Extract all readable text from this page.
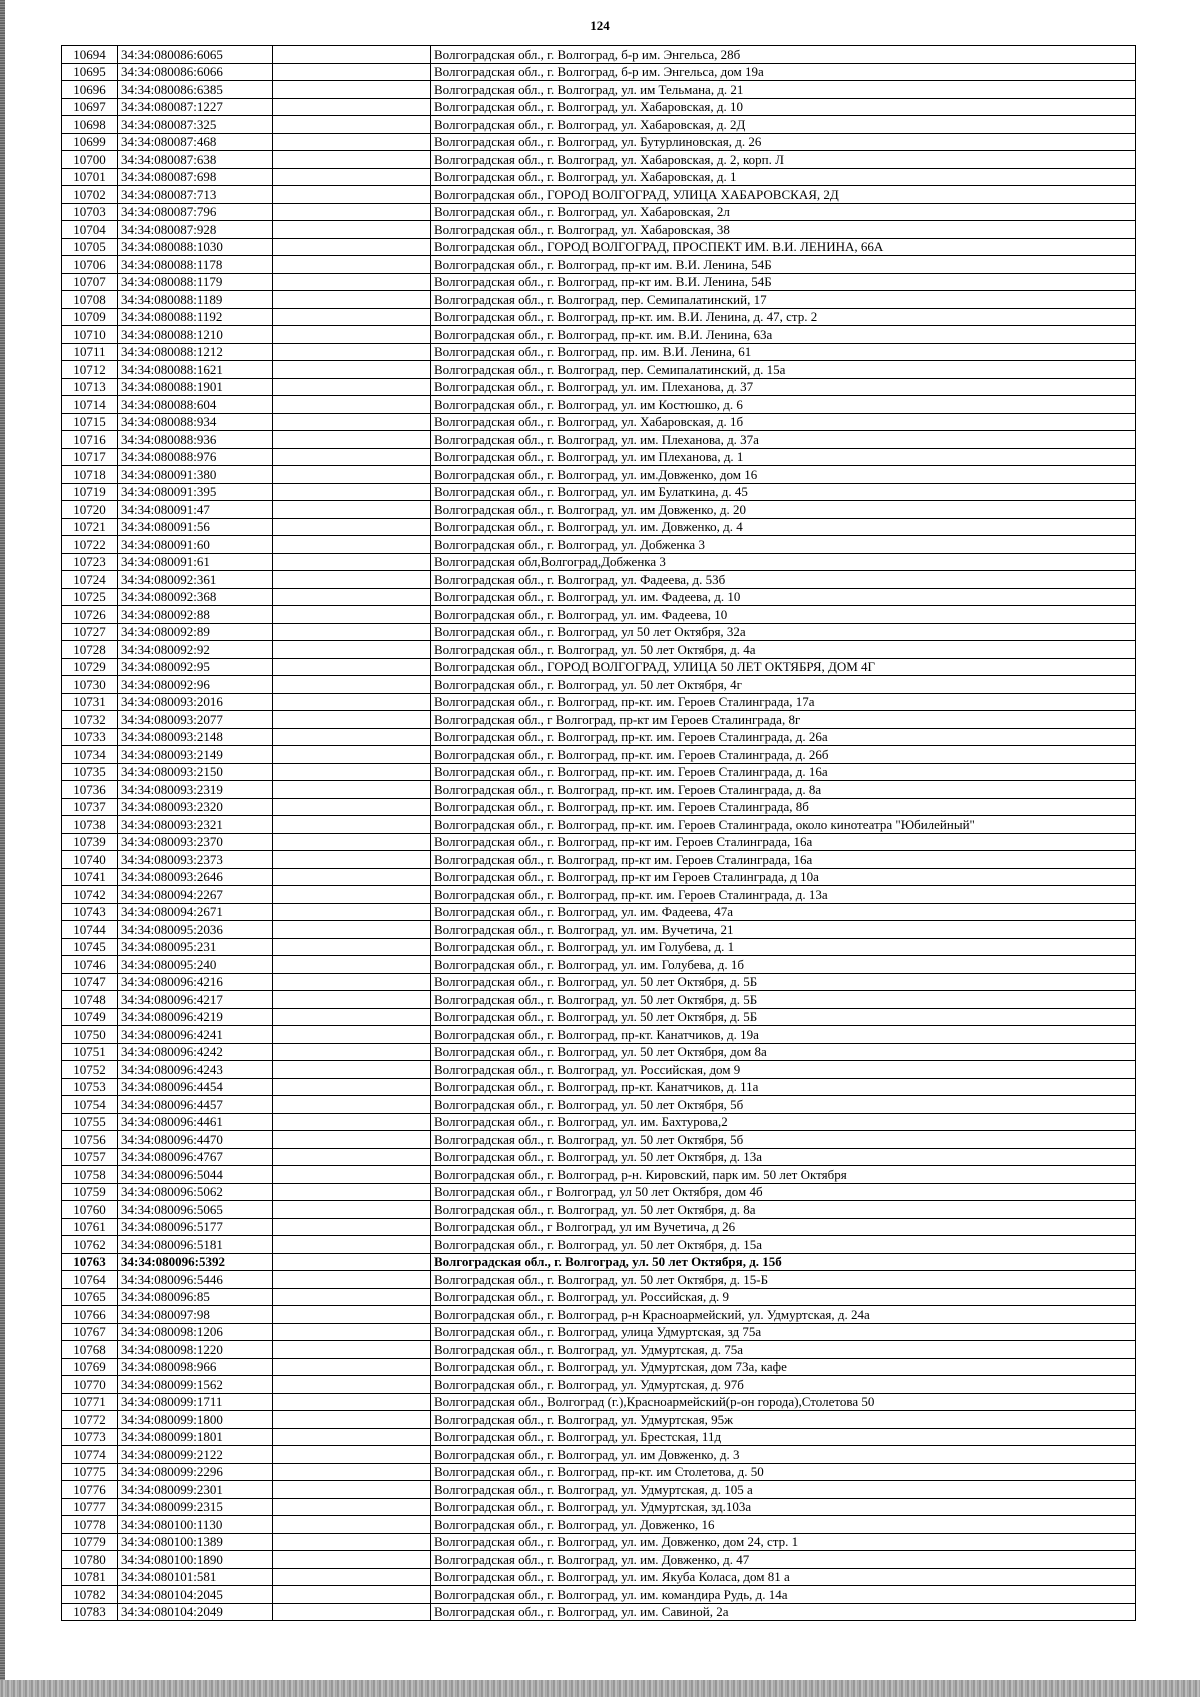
124
10694	34:34:080086:6065		Волгоградская обл., г. Волгоград, б-р им. Энгельса, 28б
10695	34:34:080086:6066		Волгоградская обл., г. Волгоград, б-р им. Энгельса, дом 19а
10696	34:34:080086:6385		Волгоградская обл., г. Волгоград, ул. им Тельмана, д. 21
10697	34:34:080087:1227		Волгоградская обл., г. Волгоград, ул. Хабаровская, д. 10
10698	34:34:080087:325		Волгоградская обл., г. Волгоград, ул. Хабаровская, д. 2Д
10699	34:34:080087:468		Волгоградская обл., г. Волгоград, ул. Бутурлиновская, д. 26
10700	34:34:080087:638		Волгоградская обл., г. Волгоград, ул. Хабаровская, д. 2, корп. Л
10701	34:34:080087:698		Волгоградская обл., г. Волгоград, ул. Хабаровская, д. 1
10702	34:34:080087:713		Волгоградская обл., ГОРОД ВОЛГОГРАД, УЛИЦА ХАБАРОВСКАЯ, 2Д
10703	34:34:080087:796		Волгоградская обл., г. Волгоград, ул. Хабаровская, 2л
10704	34:34:080087:928		Волгоградская обл., г. Волгоград, ул. Хабаровская, 38
10705	34:34:080088:1030		Волгоградская обл., ГОРОД ВОЛГОГРАД, ПРОСПЕКТ ИМ. В.И. ЛЕНИНА, 66А
10706	34:34:080088:1178		Волгоградская обл., г. Волгоград, пр-кт им. В.И. Ленина, 54Б
10707	34:34:080088:1179		Волгоградская обл., г. Волгоград, пр-кт им. В.И. Ленина, 54Б
10708	34:34:080088:1189		Волгоградская обл., г. Волгоград, пер. Семипалатинский, 17
10709	34:34:080088:1192		Волгоградская обл., г. Волгоград, пр-кт. им. В.И. Ленина, д. 47, стр. 2
10710	34:34:080088:1210		Волгоградская обл., г. Волгоград, пр-кт. им. В.И. Ленина, 63а
10711	34:34:080088:1212		Волгоградская обл., г. Волгоград, пр. им. В.И. Ленина, 61
10712	34:34:080088:1621		Волгоградская обл., г. Волгоград, пер. Семипалатинский, д. 15а
10713	34:34:080088:1901		Волгоградская обл., г. Волгоград, ул. им. Плеханова, д. 37
10714	34:34:080088:604		Волгоградская обл., г. Волгоград, ул. им Костюшко, д. 6
10715	34:34:080088:934		Волгоградская обл., г. Волгоград, ул. Хабаровская, д. 1б
10716	34:34:080088:936		Волгоградская обл., г. Волгоград, ул. им. Плеханова, д. 37а
10717	34:34:080088:976		Волгоградская обл., г. Волгоград, ул. им Плеханова, д. 1
10718	34:34:080091:380		Волгоградская обл., г. Волгоград, ул. им.Довженко, дом 16
10719	34:34:080091:395		Волгоградская обл., г. Волгоград, ул. им Булаткина, д. 45
10720	34:34:080091:47		Волгоградская обл., г. Волгоград, ул. им Довженко, д. 20
10721	34:34:080091:56		Волгоградская обл., г. Волгоград, ул. им. Довженко, д. 4
10722	34:34:080091:60		Волгоградская обл., г. Волгоград, ул. Добженка 3
10723	34:34:080091:61		Волгоградская обл,Волгоград,Добженка 3
10724	34:34:080092:361		Волгоградская обл., г. Волгоград, ул. Фадеева, д. 53б
10725	34:34:080092:368		Волгоградская обл., г. Волгоград, ул. им. Фадеева, д. 10
10726	34:34:080092:88		Волгоградская обл., г. Волгоград, ул. им. Фадеева, 10
10727	34:34:080092:89		Волгоградская обл., г. Волгоград, ул 50 лет Октября, 32а
10728	34:34:080092:92		Волгоградская обл., г. Волгоград, ул. 50 лет Октября, д. 4а
10729	34:34:080092:95		Волгоградская обл., ГОРОД ВОЛГОГРАД, УЛИЦА 50 ЛЕТ ОКТЯБРЯ, ДОМ 4Г
10730	34:34:080092:96		Волгоградская обл., г. Волгоград, ул. 50 лет Октября, 4г
10731	34:34:080093:2016		Волгоградская обл., г. Волгоград, пр-кт. им. Героев Сталинграда, 17а
10732	34:34:080093:2077		Волгоградская обл., г Волгоград, пр-кт им Героев Сталинграда, 8г
10733	34:34:080093:2148		Волгоградская обл., г. Волгоград, пр-кт. им. Героев Сталинграда, д. 26а
10734	34:34:080093:2149		Волгоградская обл., г. Волгоград, пр-кт. им. Героев Сталинграда, д. 26б
10735	34:34:080093:2150		Волгоградская обл., г. Волгоград, пр-кт. им. Героев Сталинграда, д. 16а
10736	34:34:080093:2319		Волгоградская обл., г. Волгоград, пр-кт. им. Героев Сталинграда, д. 8а
10737	34:34:080093:2320		Волгоградская обл., г. Волгоград, пр-кт. им. Героев Сталинграда, 8б
10738	34:34:080093:2321		Волгоградская обл., г. Волгоград, пр-кт. им. Героев Сталинграда, около кинотеатра "Юбилейный"
10739	34:34:080093:2370		Волгоградская обл., г. Волгоград, пр-кт им. Героев Сталинграда, 16а
10740	34:34:080093:2373		Волгоградская обл., г. Волгоград, пр-кт им. Героев Сталинграда, 16а
10741	34:34:080093:2646		Волгоградская обл., г. Волгоград, пр-кт им Героев Сталинграда, д 10а
10742	34:34:080094:2267		Волгоградская обл., г. Волгоград, пр-кт. им. Героев Сталинграда, д. 13а
10743	34:34:080094:2671		Волгоградская обл., г. Волгоград, ул. им. Фадеева, 47а
10744	34:34:080095:2036		Волгоградская обл., г. Волгоград, ул. им. Вучетича, 21
10745	34:34:080095:231		Волгоградская обл., г. Волгоград, ул. им Голубева, д. 1
10746	34:34:080095:240		Волгоградская обл., г. Волгоград, ул. им. Голубева, д. 1б
10747	34:34:080096:4216		Волгоградская обл., г. Волгоград, ул. 50 лет Октября, д. 5Б
10748	34:34:080096:4217		Волгоградская обл., г. Волгоград, ул. 50 лет Октября, д. 5Б
10749	34:34:080096:4219		Волгоградская обл., г. Волгоград, ул. 50 лет Октября, д. 5Б
10750	34:34:080096:4241		Волгоградская обл., г. Волгоград, пр-кт. Канатчиков, д. 19а
10751	34:34:080096:4242		Волгоградская обл., г. Волгоград, ул. 50 лет Октября, дом 8а
10752	34:34:080096:4243		Волгоградская обл., г. Волгоград, ул. Российская, дом 9
10753	34:34:080096:4454		Волгоградская обл., г. Волгоград, пр-кт. Канатчиков, д. 11а
10754	34:34:080096:4457		Волгоградская обл., г. Волгоград, ул. 50 лет Октября, 5б
10755	34:34:080096:4461		Волгоградская обл., г. Волгоград, ул. им. Бахтурова,2
10756	34:34:080096:4470		Волгоградская обл., г. Волгоград, ул. 50 лет Октября, 5б
10757	34:34:080096:4767		Волгоградская обл., г. Волгоград, ул. 50 лет Октября, д. 13а
10758	34:34:080096:5044		Волгоградская обл., г. Волгоград, р-н. Кировский, парк им. 50 лет Октября
10759	34:34:080096:5062		Волгоградская обл., г Волгоград, ул 50 лет Октября, дом 4б
10760	34:34:080096:5065		Волгоградская обл., г. Волгоград, ул. 50 лет Октября, д. 8а
10761	34:34:080096:5177		Волгоградская обл., г Волгоград, ул им Вучетича, д 26
10762	34:34:080096:5181		Волгоградская обл., г. Волгоград, ул. 50 лет Октября, д. 15а
10763	34:34:080096:5392		Волгоградская обл., г. Волгоград, ул. 50 лет Октября, д. 15б
10764	34:34:080096:5446		Волгоградская обл., г. Волгоград, ул. 50 лет Октября, д. 15-Б
10765	34:34:080096:85		Волгоградская обл., г. Волгоград, ул. Российская, д. 9
10766	34:34:080097:98		Волгоградская обл., г. Волгоград, р-н Красноармейский, ул. Удмуртская, д. 24а
10767	34:34:080098:1206		Волгоградская обл., г. Волгоград, улица Удмуртская, зд 75а
10768	34:34:080098:1220		Волгоградская обл., г. Волгоград, ул. Удмуртская, д. 75а
10769	34:34:080098:966		Волгоградская обл., г. Волгоград, ул. Удмуртская, дом 73а, кафе
10770	34:34:080099:1562		Волгоградская обл., г. Волгоград, ул. Удмуртская, д. 97б
10771	34:34:080099:1711		Волгоградская обл., Волгоград (г.),Красноармейский(р-он города),Столетова 50
10772	34:34:080099:1800		Волгоградская обл., г. Волгоград, ул. Удмуртская, 95ж
10773	34:34:080099:1801		Волгоградская обл., г. Волгоград, ул. Брестская, 11д
10774	34:34:080099:2122		Волгоградская обл., г. Волгоград, ул. им Довженко, д. 3
10775	34:34:080099:2296		Волгоградская обл., г. Волгоград, пр-кт. им Столетова, д. 50
10776	34:34:080099:2301		Волгоградская обл., г. Волгоград, ул. Удмуртская, д. 105 а
10777	34:34:080099:2315		Волгоградская обл., г. Волгоград, ул. Удмуртская, зд.103а
10778	34:34:080100:1130		Волгоградская обл., г. Волгоград, ул. Довженко, 16
10779	34:34:080100:1389		Волгоградская обл., г. Волгоград, ул. им. Довженко, дом 24, стр. 1
10780	34:34:080100:1890		Волгоградская обл., г. Волгоград, ул. им. Довженко, д. 47
10781	34:34:080101:581		Волгоградская обл., г. Волгоград, ул. им. Якуба Коласа, дом 81 а
10782	34:34:080104:2045		Волгоградская обл., г. Волгоград, ул. им. командира Рудь, д. 14а
10783	34:34:080104:2049		Волгоградская обл., г. Волгоград, ул. им. Савиной, 2а
